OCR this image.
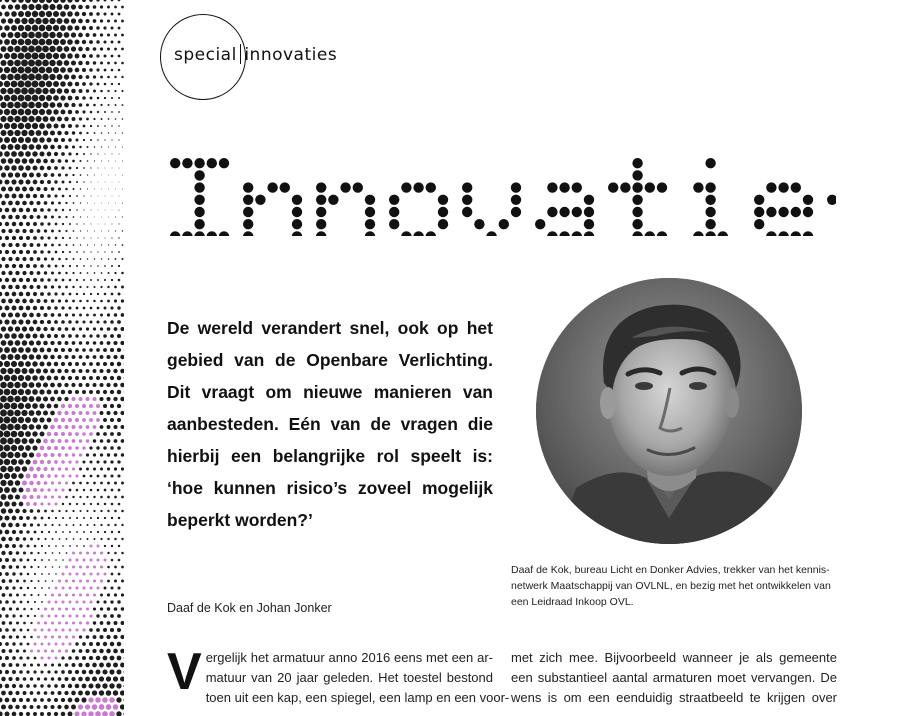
special innovaties
De wereld verandert snel, ook op het
gebied van de Openbare Verlichting.
Dit vraagt om nieuwe manieren van
aanbesteden. Eén van de vragen die
hierbij een belangrijke rol speelt is:
‘hoe kunnen risico’s zoveel mogelijk
beperkt worden?’
Daaf de Kok, bureau Licht en Donker Advies, trekker van het kennis-
netwerk Maatschappij van OVLNL, en bezig met het ontwikkelen van
een Leidraad Inkoop OVL.
Daaf de Kok en Johan Jonker
V ergelijk het armatuur anno 2016 eens met een ar-
matuur van 20 jaar geleden. Het toestel bestond
toen uit een kap, een spiegel, een lamp en een voor-
met zich mee. Bijvoorbeeld wanneer je als gemeente
een substantieel aantal armaturen moet vervangen. De
wens is om een eenduidig straatbeeld te krijgen over
